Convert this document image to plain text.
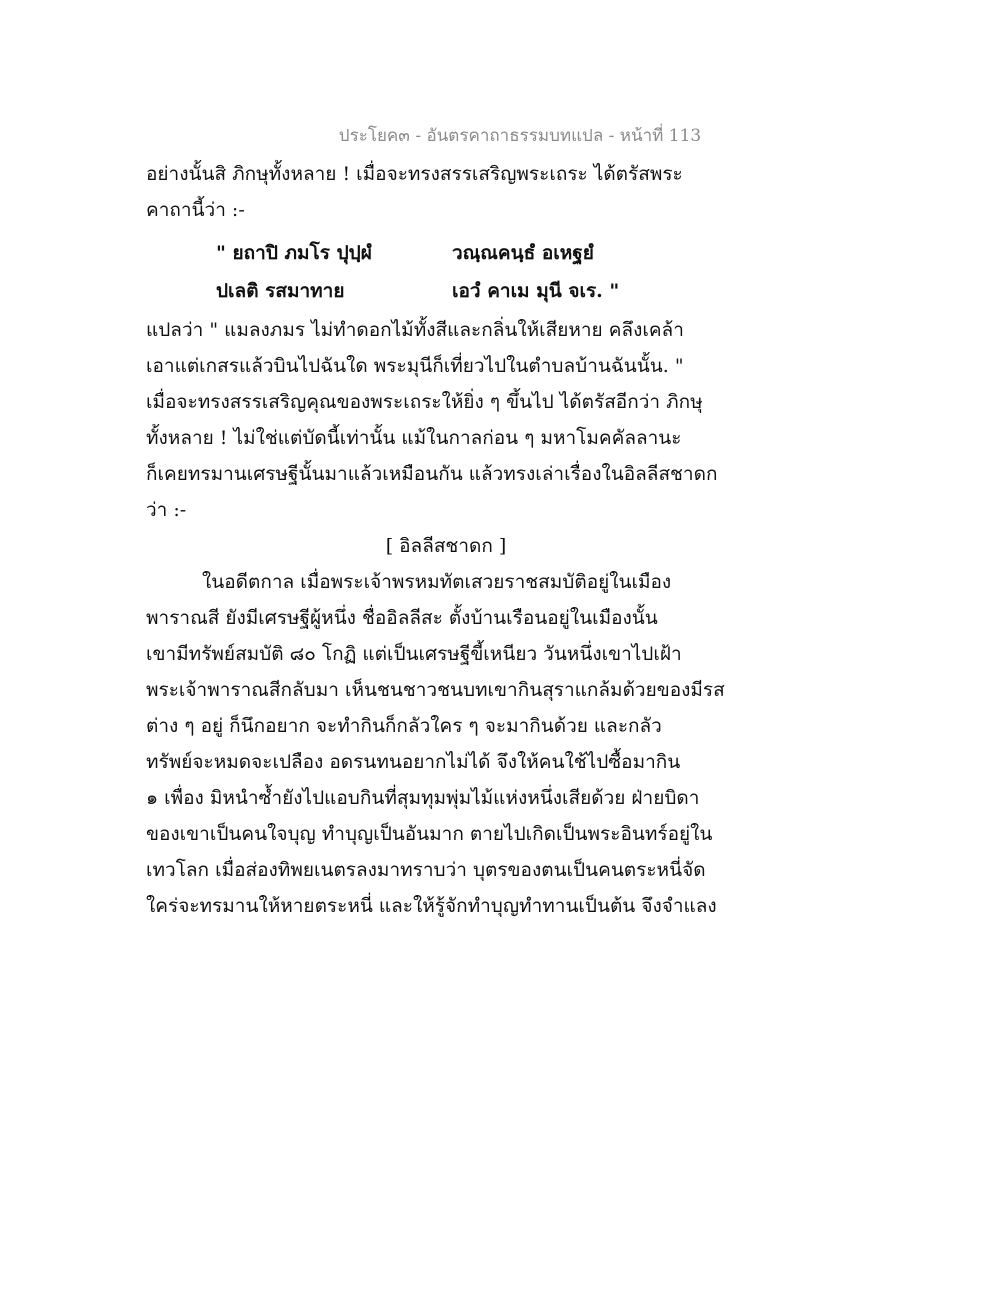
ประโยค๓ - อันตรคาถาธรรมบทแปล - หน้าที่ 113
อย่างนั้นสิ ภิกษุทั้งหลาย ! เมื่อจะทรงสรรเสริญพระเถระ ได้ตรัสพระ
คาถานี้ว่า :-
" ยถาปิ ภมโร ปุปฺผํ	วณฺณคนฺธํ อเหฐยํ
ปเลติ รสมาทาย	เอวํ คาเม มุนี จเร. "
แปลว่า " แมลงภมร ไม่ทำดอกไม้ทั้งสีและกลิ่นให้เสียหาย คลึงเคล้า
เอาแต่เกสรแล้วบินไปฉันใด พระมุนีก็เที่ยวไปในตำบลบ้านฉันนั้น. "
เมื่อจะทรงสรรเสริญคุณของพระเถระให้ยิ่ง ๆ ขึ้นไป ได้ตรัสอีกว่า ภิกษุ
ทั้งหลาย ! ไม่ใช่แต่บัดนี้เท่านั้น แม้ในกาลก่อน ๆ มหาโมคคัลลานะ
ก็เคยทรมานเศรษฐีนั้นมาแล้วเหมือนกัน แล้วทรงเล่าเรื่องในอิลลีสชาดก
ว่า :-
[ อิลลีสชาดก ]
ในอดีตกาล เมื่อพระเจ้าพรหมทัตเสวยราชสมบัติอยู่ในเมือง
พาราณสี ยังมีเศรษฐีผู้หนึ่ง ชื่ออิลลีสะ ตั้งบ้านเรือนอยู่ในเมืองนั้น
เขามีทรัพย์สมบัติ ๘๐ โกฏิ แต่เป็นเศรษฐีขี้เหนียว วันหนึ่งเขาไปเฝ้า
พระเจ้าพาราณสีกลับมา เห็นชนชาวชนบทเขากินสุราแกล้มด้วยของมีรส
ต่าง ๆ อยู่ ก็นึกอยาก จะทำกินก็กลัวใคร ๆ จะมากินด้วย และกลัว
ทรัพย์จะหมดจะเปลือง อดรนทนอยากไม่ได้ จึงให้คนใช้ไปซื้อมากิน
๑ เพื่อง มิหนำซ้ำยังไปแอบกินที่สุมทุมพุ่มไม้แห่งหนึ่งเสียด้วย ฝ่ายบิดา
ของเขาเป็นคนใจบุญ ทำบุญเป็นอันมาก ตายไปเกิดเป็นพระอินทร์อยู่ใน
เทวโลก เมื่อส่องทิพยเนตรลงมาทราบว่า บุตรของตนเป็นคนตระหนี่จัด
ใคร่จะทรมานให้หายตระหนี่ และให้รู้จักทำบุญทำทานเป็นต้น จึงจำแลง
